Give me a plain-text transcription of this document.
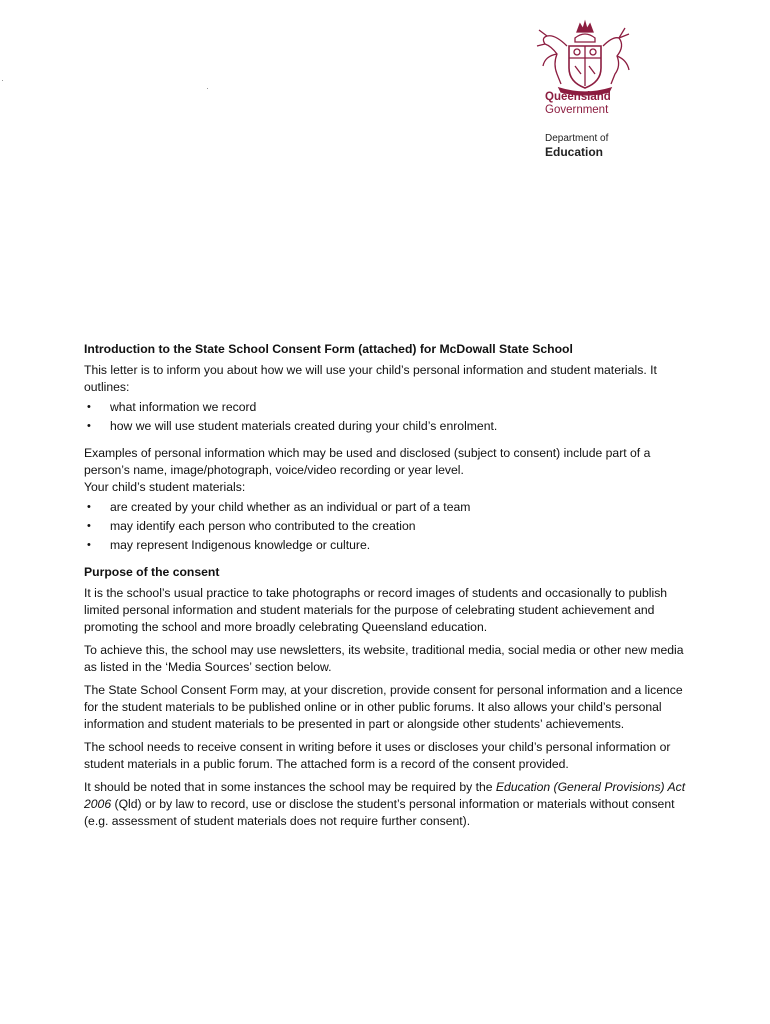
Queensland
Government
Department of
Education

Introduction to the State School Consent Form (attached) for McDowall State School

This letter is to inform you about how we will use your child’s personal information and student materials. It outlines:

• what information we record
• how we will use student materials created during your child’s enrolment.

Examples of personal information which may be used and disclosed (subject to consent) include part of a person’s name, image/photograph, voice/video recording or year level.

Your child’s student materials:

• are created by your child whether as an individual or part of a team
• may identify each person who contributed to the creation
• may represent Indigenous knowledge or culture.

Purpose of the consent

It is the school’s usual practice to take photographs or record images of students and occasionally to publish limited personal information and student materials for the purpose of celebrating student achievement and promoting the school and more broadly celebrating Queensland education.

To achieve this, the school may use newsletters, its website, traditional media, social media or other new media as listed in the ‘Media Sources’ section below.

The State School Consent Form may, at your discretion, provide consent for personal information and a licence for the student materials to be published online or in other public forums. It also allows your child’s personal information and student materials to be presented in part or alongside other students’ achievements.

The school needs to receive consent in writing before it uses or discloses your child’s personal information or student materials in a public forum. The attached form is a record of the consent provided.

It should be noted that in some instances the school may be required by the Education (General Provisions) Act 2006 (Qld) or by law to record, use or disclose the student’s personal information or materials without consent (e.g. assessment of student materials does not require further consent).
